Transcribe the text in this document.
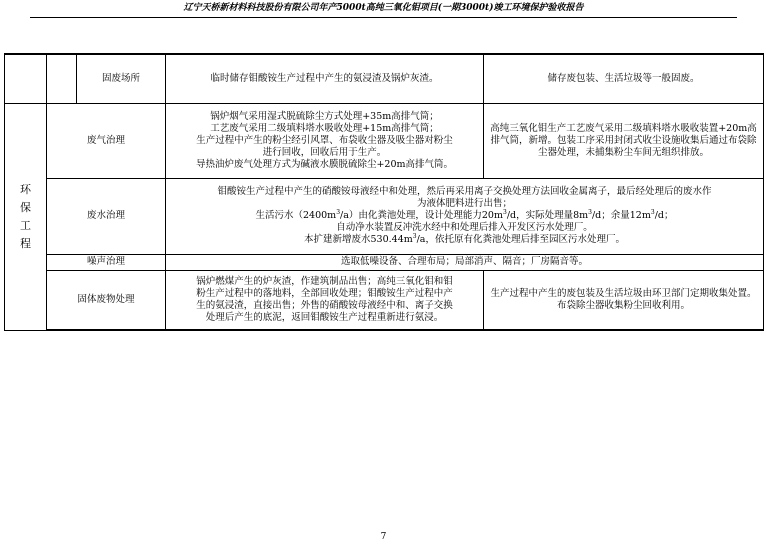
辽宁天桥新材料科技股份有限公司年产5000t高纯三氧化钼项目(一期3000t)竣工环境保护验收报告
		固废场所	临时储存钼酸铵生产过程中产生的氨浸渣及锅炉灰渣。	储存废包装、生活垃圾等一般固废。

环
保
工
程	废气治理		锅炉烟气采用湿式脱硫除尘方式处理+35m高排气筒；
工艺废气采用二级填料塔水吸收处理+15m高排气筒；
生产过程中产生的粉尘经引风罩、布袋收尘器及吸尘器对粉尘
进行回收，回收后用于生产。
导热油炉废气处理方式为碱液水膜脱硫除尘+20m高排气筒。	高纯三氧化钼生产工艺废气采用二级填料塔水吸收装置+20m高排气筒，新增。包装工序采用封闭式收尘设施收集后通过布袋除尘器处理，未捕集粉尘车间无组织排放。
	废水治理		钼酸铵生产过程中产生的硝酸铵母液经中和处理，然后再采用离子交换处理方法回收金属离子，最后经处理后的废水作
为液体肥料进行出售；
生活污水$(2400m^3/a)$由化粪池处理，设计处理能力$20m^3/d$，实际处理量$8m^3/d$；余量$12m^3/d$；
自动净水装置反冲洗水经中和处理后排入开发区污水处理厂。
本扩建新增废水$530.44m^3/a$，依托原有化粪池处理后排至园区污水处理厂。	

	噪声治理		选取低噪设备、合理布局；局部消声、隔音；厂房隔音等。	
	固体废物处理		锅炉燃煤产生的炉灰渣，作建筑制品出售；高纯三氧化钼和钼
粉生产过程中的落地料，全部回收处理；钼酸铵生产过程中产
生的氨浸渣，直接出售；外售的硝酸铵母液经中和、离子交换
处理后产生的底泥，返回钼酸铵生产过程重新进行氨浸。	生产过程中产生的废包装及生活垃圾由环卫部门定期收集处置。布袋除尘器收集粉尘回收利用。
7
